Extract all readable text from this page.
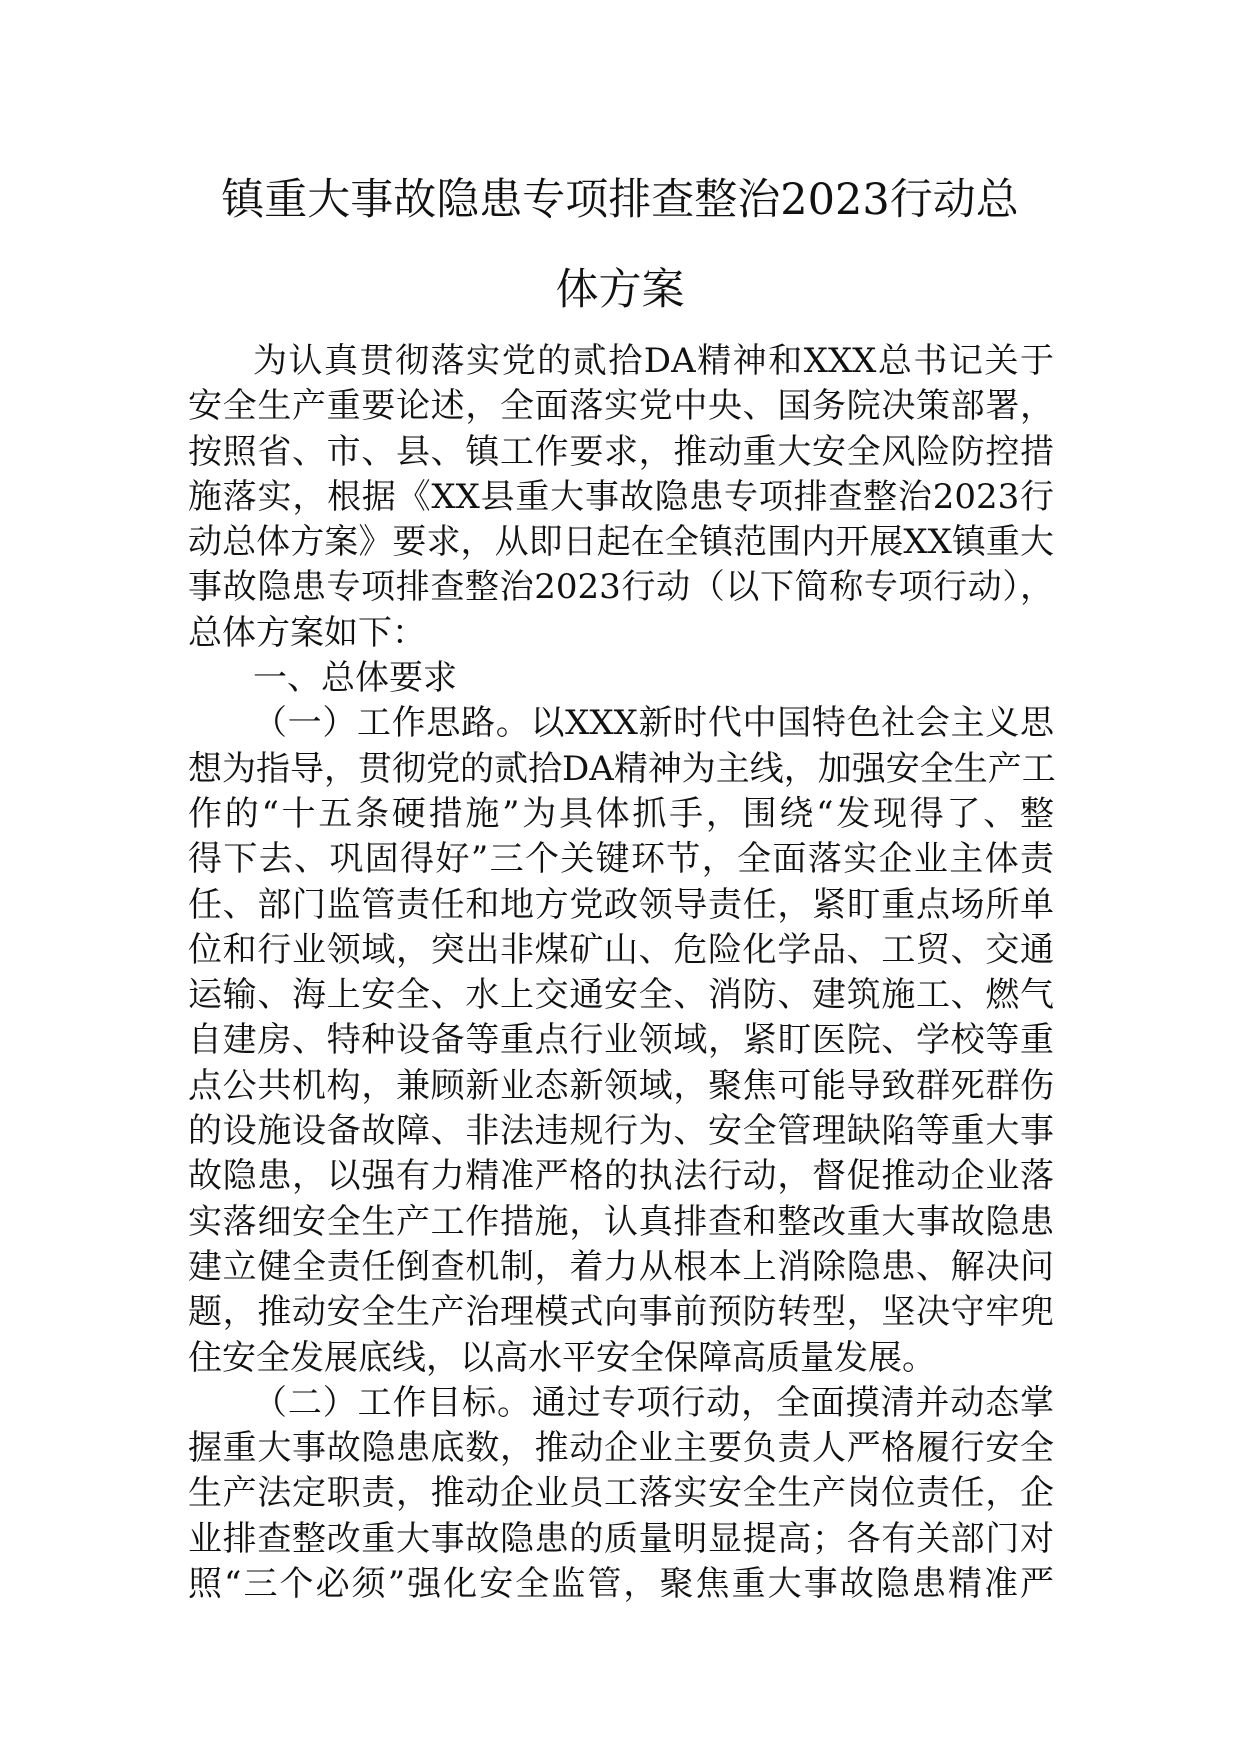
镇重大事故隐患专项排查整治2023行动总
体方案
为认真贯彻落实党的贰拾DA精神和XXX总书记关于
安全生产重要论述，全面落实党中央、国务院决策部署，
按照省、市、县、镇工作要求，推动重大安全风险防控措
施落实，根据《XX县重大事故隐患专项排查整治2023行
动总体方案》要求，从即日起在全镇范围内开展XX镇重大
事故隐患专项排查整治2023行动（以下简称专项行动），
总体方案如下：
一、总体要求
（一）工作思路。以XXX新时代中国特色社会主义思
想为指导，贯彻党的贰拾DA精神为主线，加强安全生产工
作的“十五条硬措施”为具体抓手，围绕“发现得了、整
得下去、巩固得好”三个关键环节，全面落实企业主体责
任、部门监管责任和地方党政领导责任，紧盯重点场所单
位和行业领域，突出非煤矿山、危险化学品、工贸、交通
运输、海上安全、水上交通安全、消防、建筑施工、燃气
自建房、特种设备等重点行业领域，紧盯医院、学校等重
点公共机构，兼顾新业态新领域，聚焦可能导致群死群伤
的设施设备故障、非法违规行为、安全管理缺陷等重大事
故隐患，以强有力精准严格的执法行动，督促推动企业落
实落细安全生产工作措施，认真排查和整改重大事故隐患
建立健全责任倒查机制，着力从根本上消除隐患、解决问
题，推动安全生产治理模式向事前预防转型，坚决守牢兜
住安全发展底线，以高水平安全保障高质量发展。
（二）工作目标。通过专项行动，全面摸清并动态掌
握重大事故隐患底数，推动企业主要负责人严格履行安全
生产法定职责，推动企业员工落实安全生产岗位责任，企
业排查整改重大事故隐患的质量明显提高；各有关部门对
照“三个必须”强化安全监管，聚焦重大事故隐患精准严
